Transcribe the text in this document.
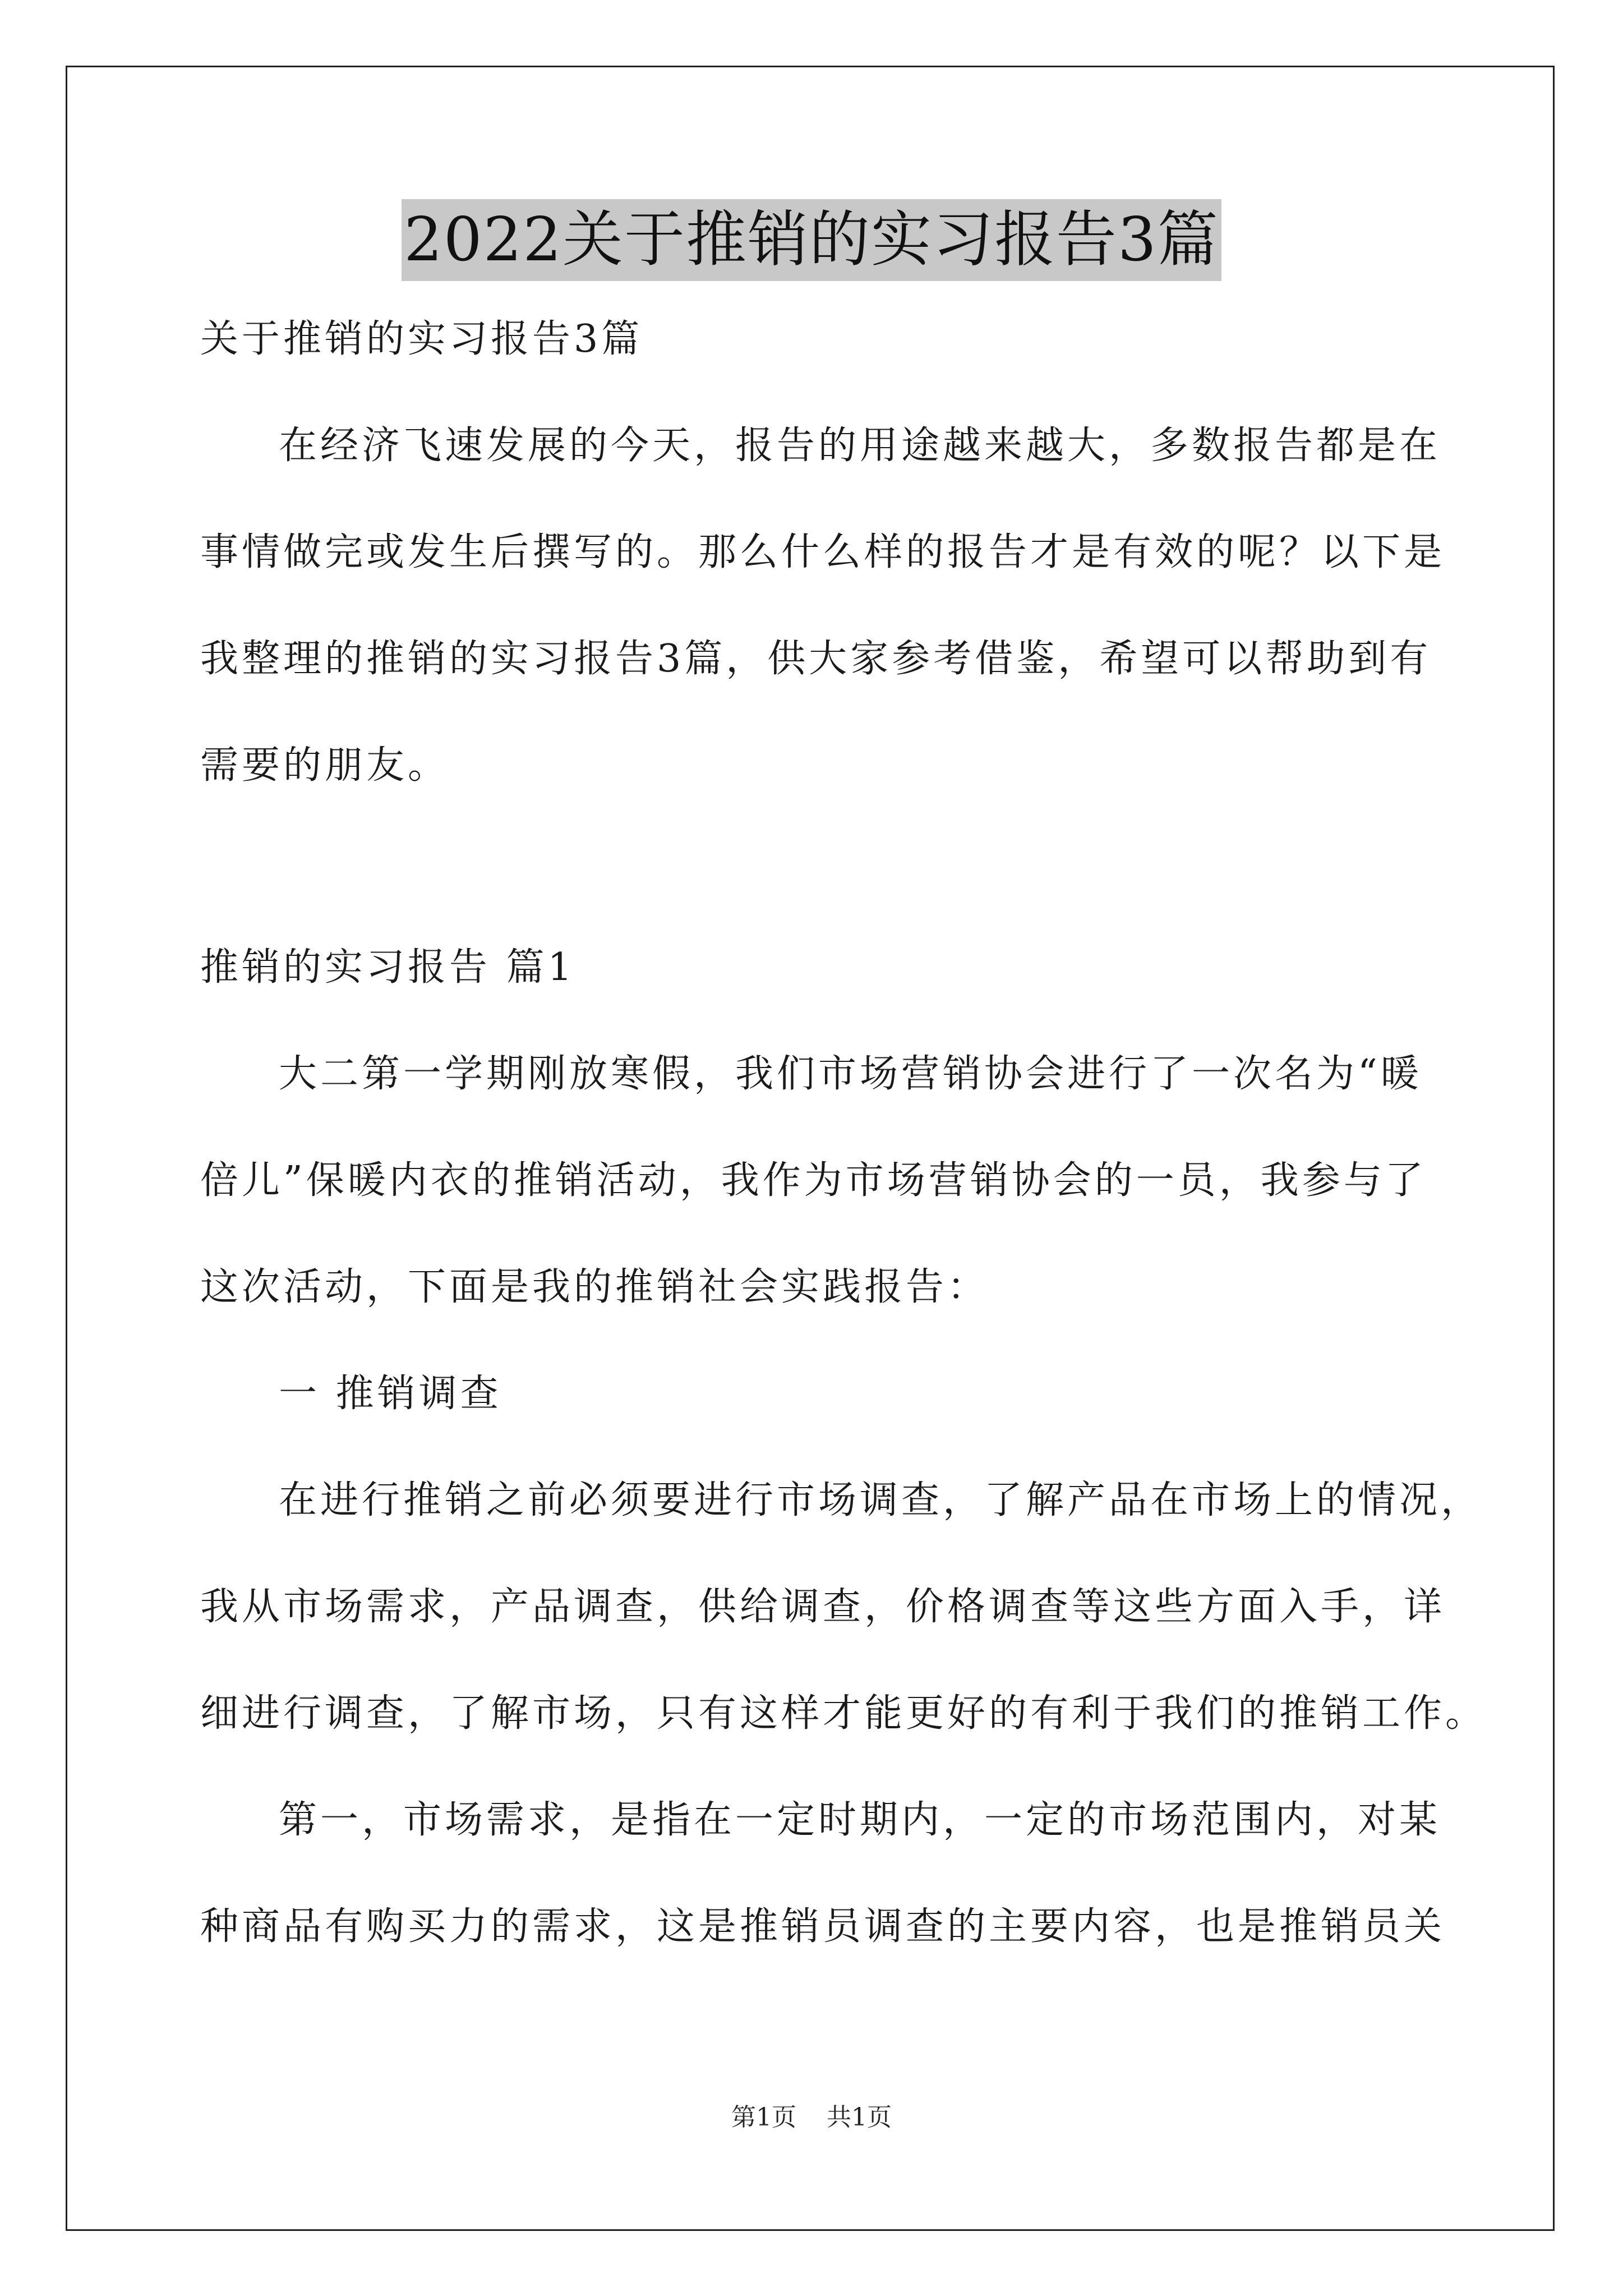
2022关于推销的实习报告3篇
关于推销的实习报告3篇
在经济飞速发展的今天，报告的用途越来越大，多数报告都是在
事情做完或发生后撰写的。那么什么样的报告才是有效的呢？以下是
我整理的推销的实习报告3篇，供大家参考借鉴，希望可以帮助到有
需要的朋友。
推销的实习报告 篇1
大二第一学期刚放寒假，我们市场营销协会进行了一次名为“暖
倍儿”保暖内衣的推销活动，我作为市场营销协会的一员，我参与了
这次活动，下面是我的推销社会实践报告：
一 推销调查
在进行推销之前必须要进行市场调查，了解产品在市场上的情况，
我从市场需求，产品调查，供给调查，价格调查等这些方面入手，详
细进行调查，了解市场，只有这样才能更好的有利于我们的推销工作。
第一，市场需求，是指在一定时期内，一定的市场范围内，对某
种商品有购买力的需求，这是推销员调查的主要内容，也是推销员关
第1页 共1页
